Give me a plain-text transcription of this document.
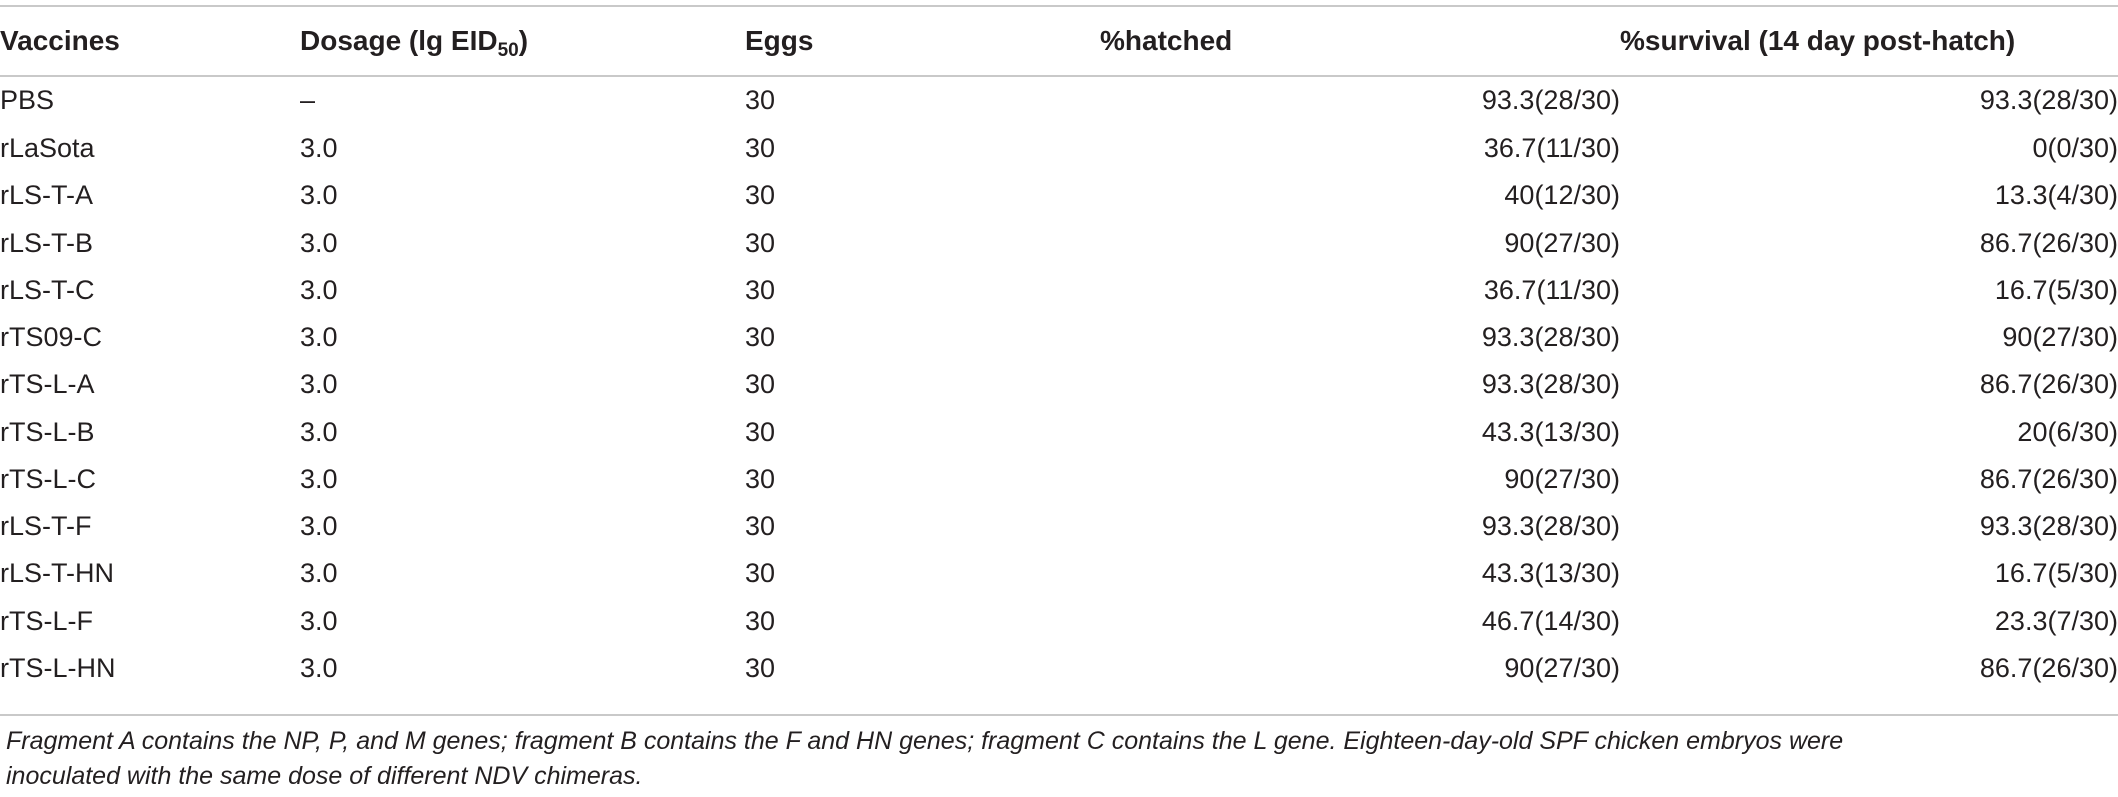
Vaccines	Dosage (lg $EID_{50}$)	Eggs	%hatched	%survival (14 day post-hatch)
PBS	–	30	93.3(28/30)	93.3(28/30)
rLaSota	3.0	30	36.7(11/30)	0(0/30)
rLS-T-A	3.0	30	40(12/30)	13.3(4/30)
rLS-T-B	3.0	30	90(27/30)	86.7(26/30)
rLS-T-C	3.0	30	36.7(11/30)	16.7(5/30)
rTS09-C	3.0	30	93.3(28/30)	90(27/30)
rTS-L-A	3.0	30	93.3(28/30)	86.7(26/30)
rTS-L-B	3.0	30	43.3(13/30)	20(6/30)
rTS-L-C	3.0	30	90(27/30)	86.7(26/30)
rLS-T-F	3.0	30	93.3(28/30)	93.3(28/30)
rLS-T-HN	3.0	30	43.3(13/30)	16.7(5/30)
rTS-L-F	3.0	30	46.7(14/30)	23.3(7/30)
rTS-L-HN	3.0	30	90(27/30)	86.7(26/30)
Fragment A contains the NP, P, and M genes; fragment B contains the F and HN genes; fragment C contains the L gene. Eighteen-day-old SPF chicken embryos were
inoculated with the same dose of different NDV chimeras.
